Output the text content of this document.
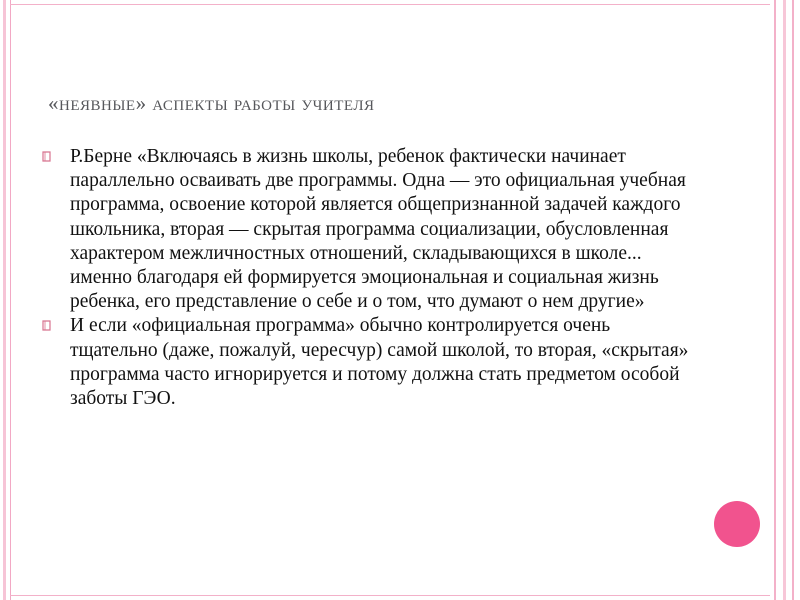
«неявные» аспекты работы учителя
Р.Берне «Включаясь в жизнь школы, ребенок фактически начинает параллельно осваивать две программы. Одна — это официальная учебная программа, освоение которой является общепризнанной задачей каждого школьника, вторая — скрытая программа социализации, обусловленная характером межличностных отношений, складывающихся в школе... именно благодаря ей формируется эмоциональная и социальная жизнь ребенка, его представление о себе и о том, что думают о нем другие»
И если «официальная программа» обычно контролируется очень тщательно (даже, пожалуй, чересчур) самой школой, то вторая, «скрытая» программа часто игнорируется и потому должна стать предметом особой заботы ГЭО.
